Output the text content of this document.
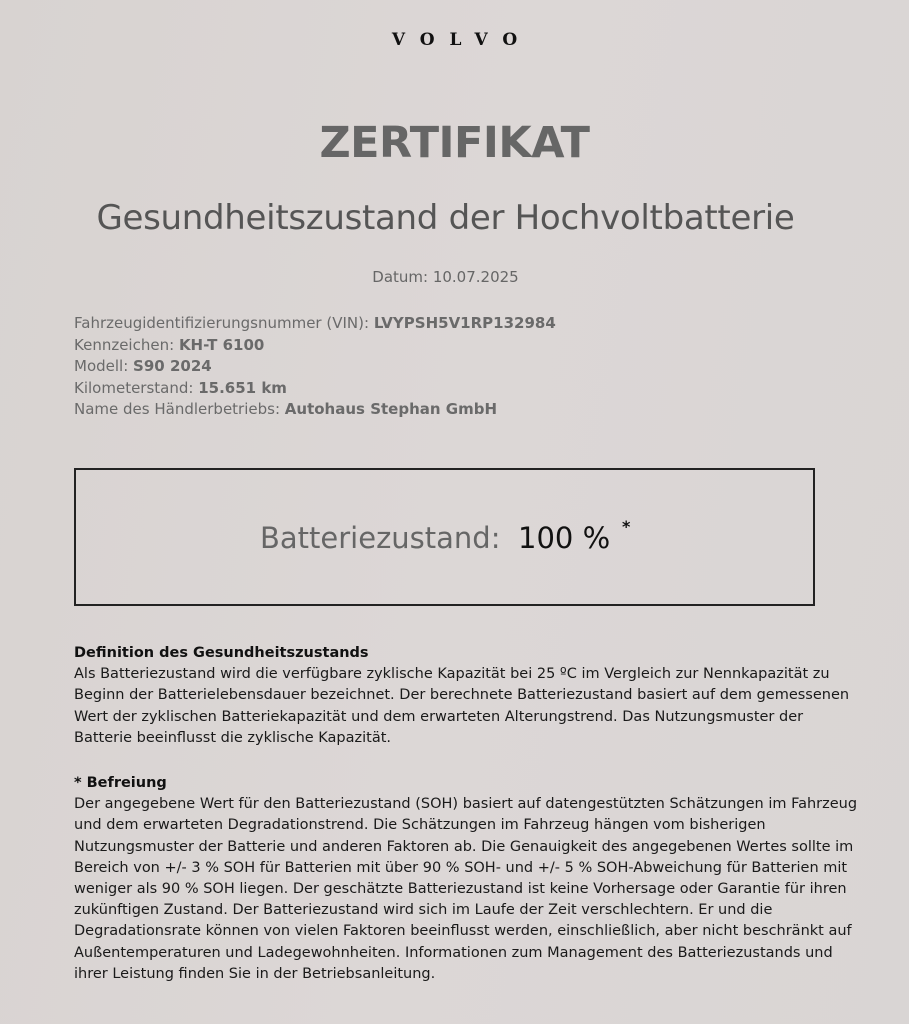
VOLVO
ZERTIFIKAT
Gesundheitszustand der Hochvoltbatterie
Datum: 10.07.2025
Fahrzeugidentifizierungsnummer (VIN): LVYPSH5V1RP132984
Kennzeichen: KH-T 6100
Modell: S90 2024
Kilometerstand: 15.651 km
Name des Händlerbetriebs: Autohaus Stephan GmbH
Batteriezustand: 100 % *
Definition des Gesundheitszustands

Als Batteriezustand wird die verfügbare zyklische Kapazität bei 25 ºC im Vergleich zur Nennkapazität zu Beginn der Batterielebensdauer bezeichnet. Der berechnete Batteriezustand basiert auf dem gemessenen Wert der zyklischen Batteriekapazität und dem erwarteten Alterungstrend. Das Nutzungsmuster der Batterie beeinflusst die zyklische Kapazität.

* Befreiung

Der angegebene Wert für den Batteriezustand (SOH) basiert auf datengestützten Schätzungen im Fahrzeug und dem erwarteten Degradationstrend. Die Schätzungen im Fahrzeug hängen vom bisherigen Nutzungsmuster der Batterie und anderen Faktoren ab. Die Genauigkeit des angegebenen Wertes sollte im Bereich von +/- 3 % SOH für Batterien mit über 90 % SOH- und +/- 5 % SOH-Abweichung für Batterien mit weniger als 90 % SOH liegen. Der geschätzte Batteriezustand ist keine Vorhersage oder Garantie für ihren zukünftigen Zustand. Der Batteriezustand wird sich im Laufe der Zeit verschlechtern. Er und die Degradationsrate können von vielen Faktoren beeinflusst werden, einschließlich, aber nicht beschränkt auf Außentemperaturen und Ladegewohnheiten. Informationen zum Management des Batteriezustands und ihrer Leistung finden Sie in der Betriebsanleitung.
